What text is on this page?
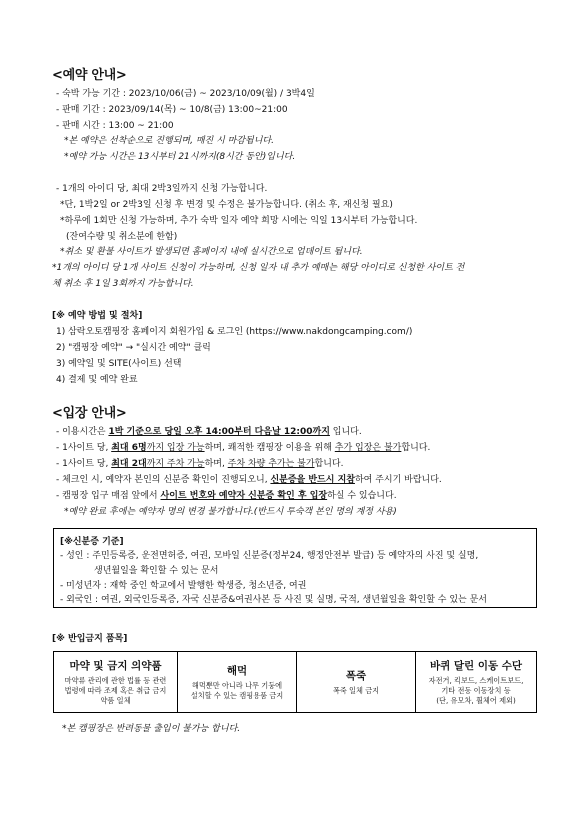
<예약 안내>
- 숙박 가능 기간 : 2023/10/06(금) ~ 2023/10/09(월) / 3박4일
- 판매 기간 : 2023/09/14(목) ~ 10/8(금) 13:00~21:00
- 판매 시간 : 13:00 ~ 21:00
*본 예약은 선착순으로 진행되며, 매진 시 마감됩니다.
*예약 가능 시간은 13시부터 21시까지(8시간 동안)입니다.
- 1개의 아이디 당, 최대 2박3일까지 신청 가능합니다.
*단, 1박2일 or 2박3일 신청 후 변경 및 수정은 불가능합니다. (취소 후, 재신청 필요)
*하루에 1회만 신청 가능하며, 추가 숙박 일자 예약 희망 시에는 익일 13시부터 가능합니다.
(잔여수량 및 취소분에 한함)
*취소 및 환불 사이트가 발생되면 홈페이지 내에 실시간으로 업데이트 됩니다.
*1개의 아이디 당 1개 사이트 신청이 가능하며, 신청 일자 내 추가 예매는 해당 아이디로 신청한 사이트 전
체 취소 후 1일 3회까지 가능합니다.
[※ 예약 방법 및 절차]
1) 삼락오토캠핑장 홈페이지 회원가입 & 로그인 (https://www.nakdongcamping.com/)
2) "캠핑장 예약" → "실시간 예약" 클릭
3) 예약일 및 SITE(사이트) 선택
4) 결제 및 예약 완료
<입장 안내>
- 이용시간은 1박 기준으로 당일 오후 14:00부터 다음날 12:00까지 입니다.
- 1사이트 당, 최대 6명까지 입장 가능하며, 쾌적한 캠핑장 이용을 위해 추가 입장은 불가합니다.
- 1사이트 당, 최대 2대까지 주차 가능하며, 주차 차량 추가는 불가합니다.
- 체크인 시, 예약자 본인의 신분증 확인이 진행되오니, 신분증을 반드시 지참하여 주시기 바랍니다.
- 캠핑장 입구 매점 앞에서 사이트 번호와 예약자 신분증 확인 후 입장하실 수 있습니다.
*예약 완료 후에는 예약자 명의 변경 불가합니다.(반드시 투숙객 본인 명의 계정 사용)
[※신분증 기준]
- 성인 : 주민등록증, 운전면허증, 여권, 모바일 신분증(정부24, 행정안전부 발급) 등 예약자의 사진 및 실명,
생년월일을 확인할 수 있는 문서
- 미성년자 : 재학 중인 학교에서 발행한 학생증, 청소년증, 여권
- 외국인 : 여권, 외국인등록증, 자국 신분증&여권사본 등 사진 및 실명, 국적, 생년월일을 확인할 수 있는 문서
[※ 반입금지 품목]
마약 및 금지 의약품
마약류 관리에 관한 법률 등 관련
법령에 따라 조제 혹은 취급 금지
약품 일체
해먹
해먹뿐만 아니라 나무 기둥에
설치할 수 있는 캠핑용품 금지
폭죽
폭죽 일체 금지
바퀴 달린 이동 수단
자전거, 킥보드, 스케이트보드,
기타 전동 이동장치 등
(단, 유모차, 휠체어 제외)
*본 캠핑장은 반려동물 출입이 불가능 합니다.
